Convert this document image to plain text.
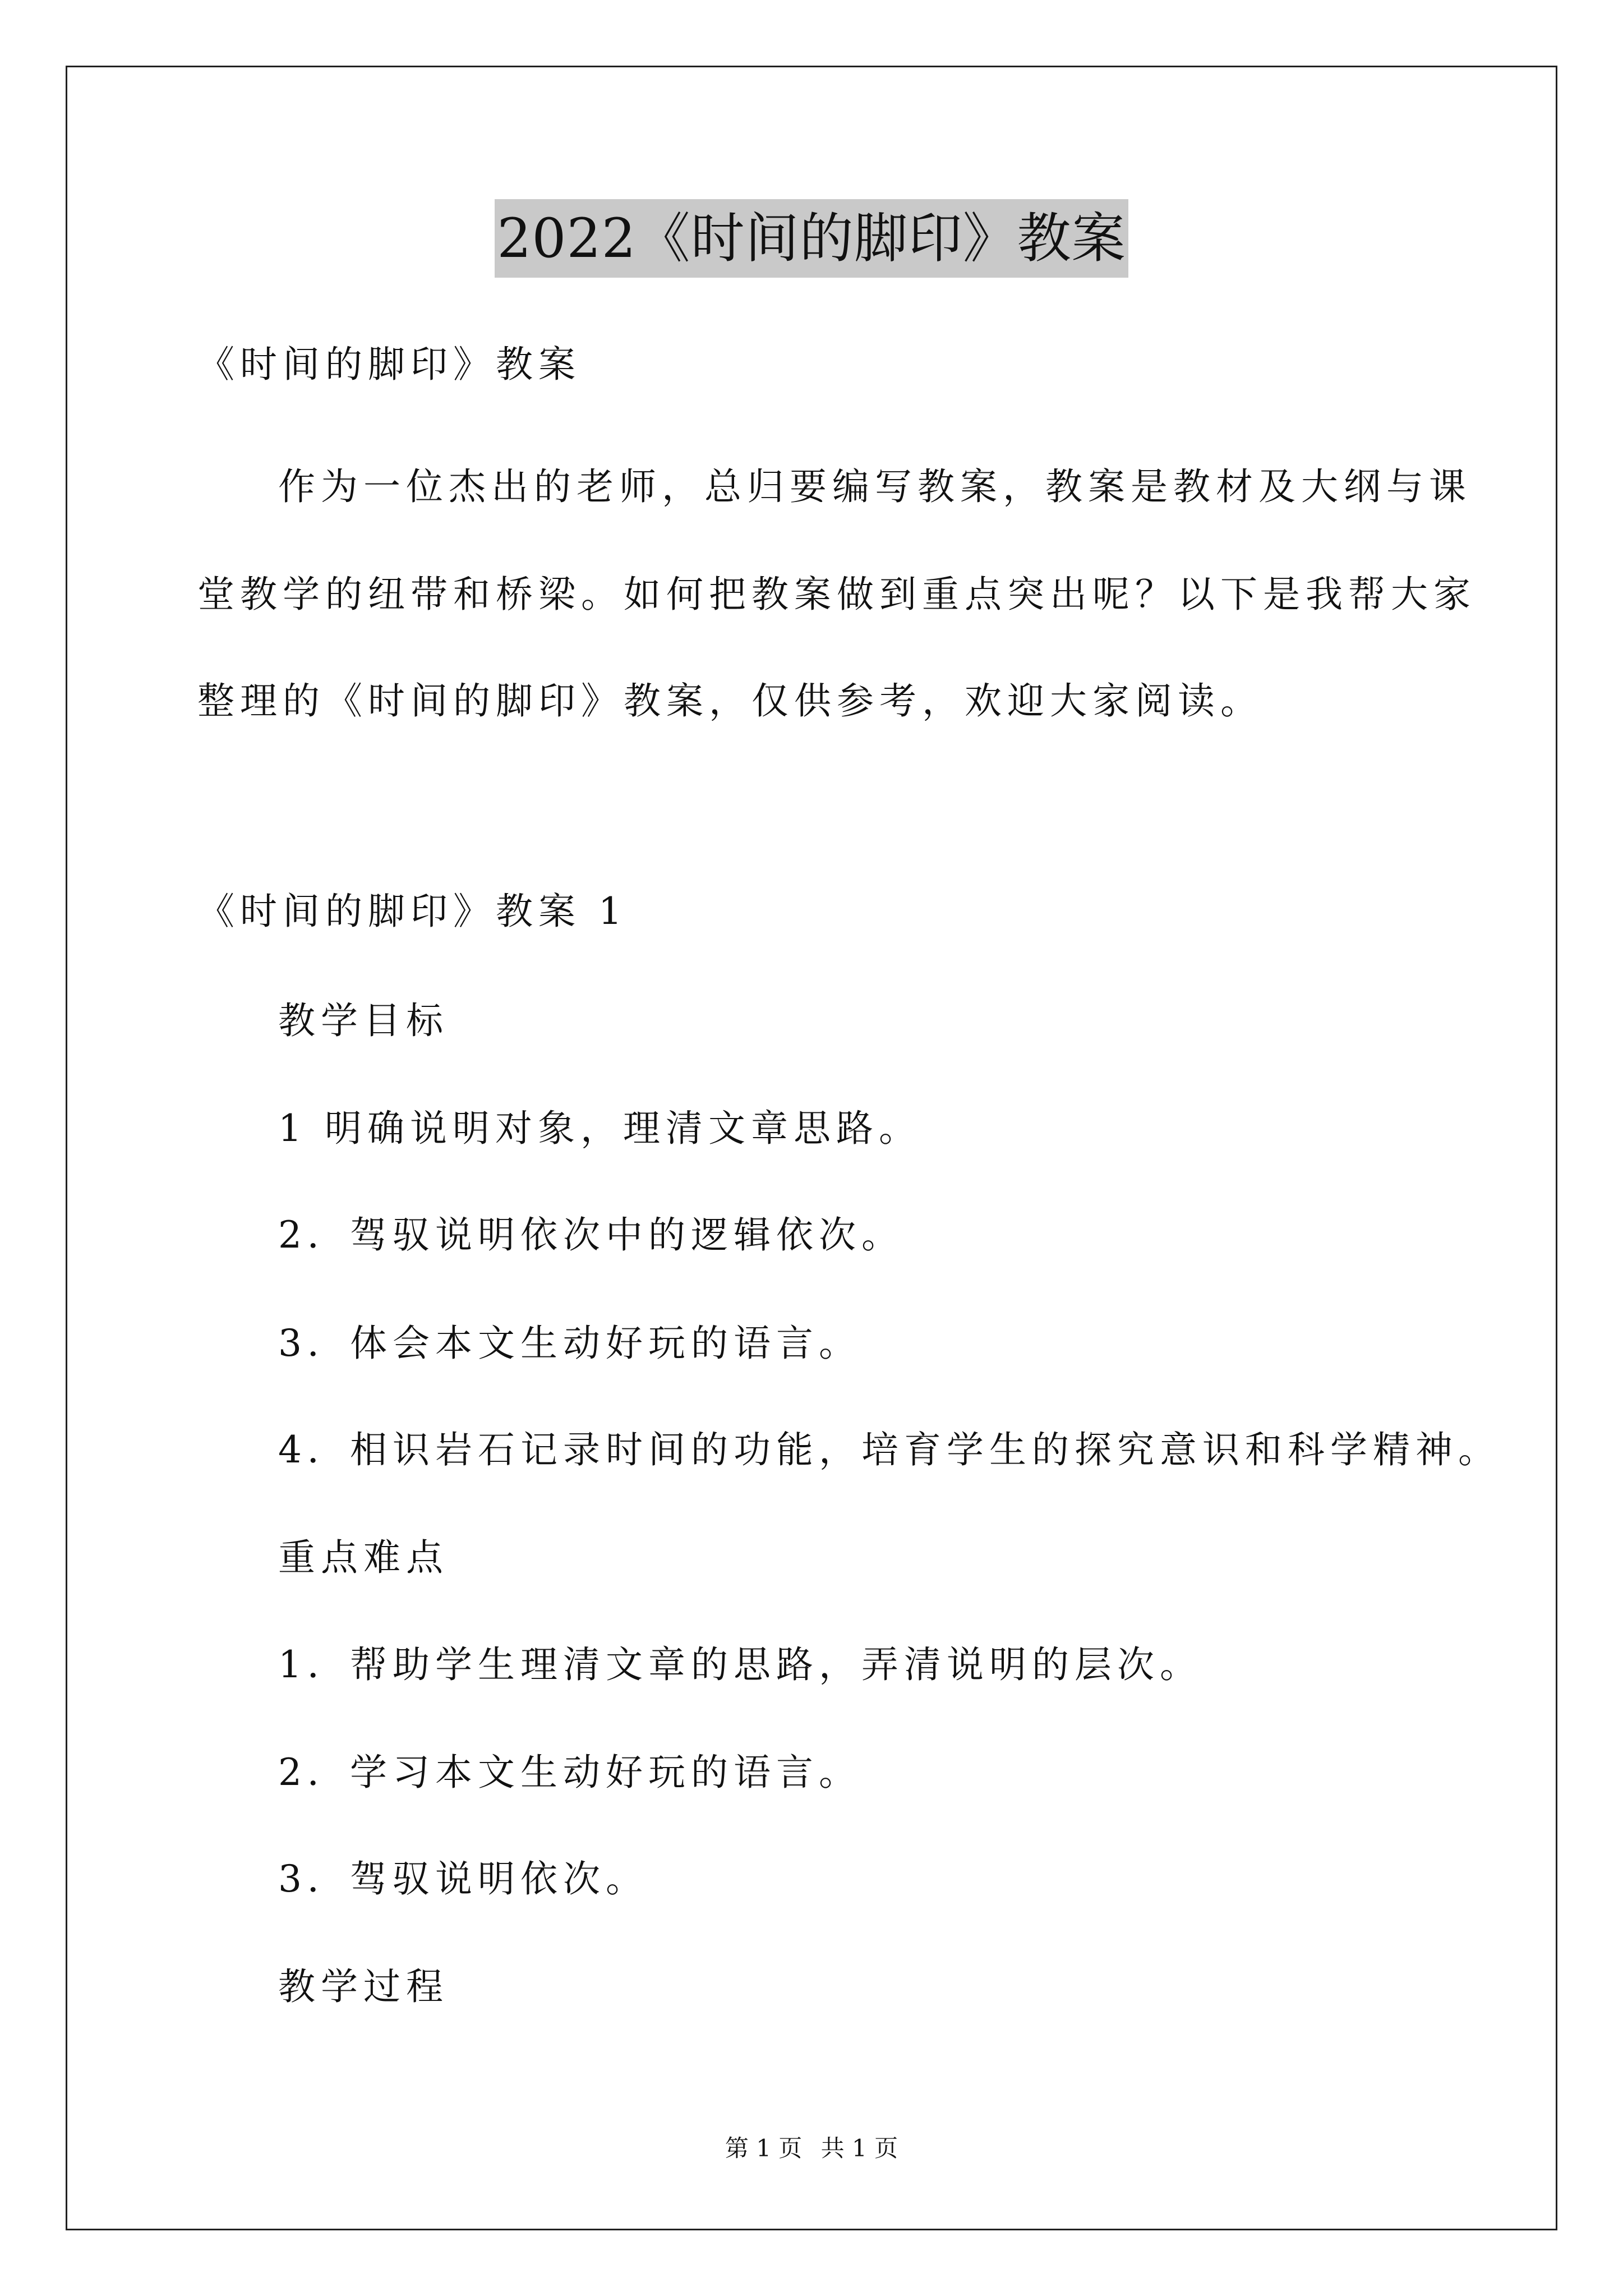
2022《时间的脚印》教案
《时间的脚印》教案
作为一位杰出的老师，总归要编写教案，教案是教材及大纲与课
堂教学的纽带和桥梁。如何把教案做到重点突出呢？以下是我帮大家
整理的《时间的脚印》教案，仅供参考，欢迎大家阅读。
《时间的脚印》教案 1
教学目标
1 明确说明对象，理清文章思路。
2．驾驭说明依次中的逻辑依次。
3．体会本文生动好玩的语言。
4．相识岩石记录时间的功能，培育学生的探究意识和科学精神。
重点难点
1．帮助学生理清文章的思路，弄清说明的层次。
2．学习本文生动好玩的语言。
3．驾驭说明依次。
教学过程
第 1 页 共 1 页
